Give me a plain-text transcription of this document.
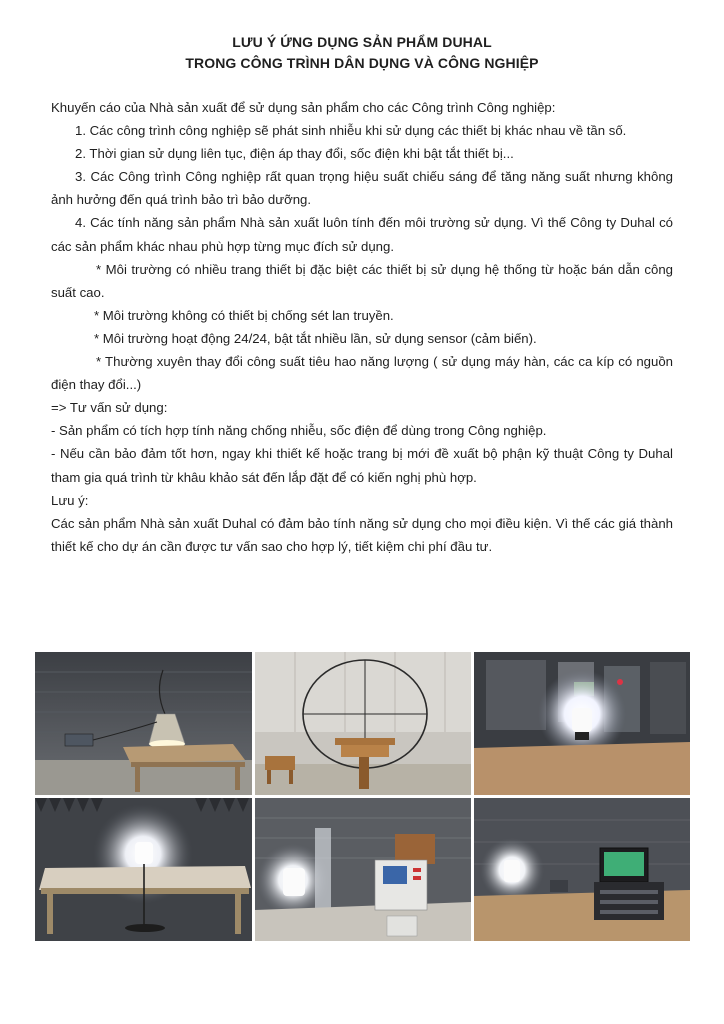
LƯU Ý ỨNG DỤNG SẢN PHẨM DUHAL
TRONG CÔNG TRÌNH DÂN DỤNG VÀ CÔNG NGHIỆP

Khuyến cáo của Nhà sản xuất để sử dụng sản phẩm cho các Công trình Công nghiệp:

1. Các công trình công nghiệp sẽ phát sinh nhiễu khi sử dụng các thiết bị khác nhau về tần số.

2. Thời gian sử dụng liên tục, điện áp thay đổi, sốc điện khi bật tắt thiết bị...

3. Các Công trình Công nghiệp rất quan trọng hiệu suất chiếu sáng để tăng năng suất nhưng không ảnh hưởng đến quá trình bảo trì bảo dưỡng.

4. Các tính năng sản phẩm Nhà sản xuất luôn tính đến môi trường sử dụng. Vì thế Công ty Duhal có các sản phẩm khác nhau phù hợp từng mục đích sử dụng.

* Môi trường có nhiều trang thiết bị đặc biệt các thiết bị sử dụng hệ thống từ hoặc bán dẫn công suất cao.

* Môi trường không có thiết bị chống sét lan truyền.

* Môi trường hoạt động 24/24, bật tắt nhiều lần, sử dụng sensor (cảm biến).

* Thường xuyên thay đổi công suất tiêu hao năng lượng ( sử dụng máy hàn, các ca kíp có nguồn điện thay đổi...)

=> Tư vấn sử dụng:

- Sản phẩm có tích hợp tính năng chống nhiễu, sốc điện để dùng trong Công nghiệp.

- Nếu cần bảo đảm tốt hơn, ngay khi thiết kế hoặc trang bị mới đề xuất bộ phận kỹ thuật Công ty Duhal tham gia quá trình từ khâu khảo sát đến lắp đặt để có kiến nghị phù hợp.

Lưu ý:

Các sản phẩm Nhà sản xuất Duhal có đảm bảo tính năng sử dụng cho mọi điều kiện. Vì thế các giá thành thiết kế cho dự án cần được tư vấn sao cho hợp lý, tiết kiệm chi phí đầu tư.
